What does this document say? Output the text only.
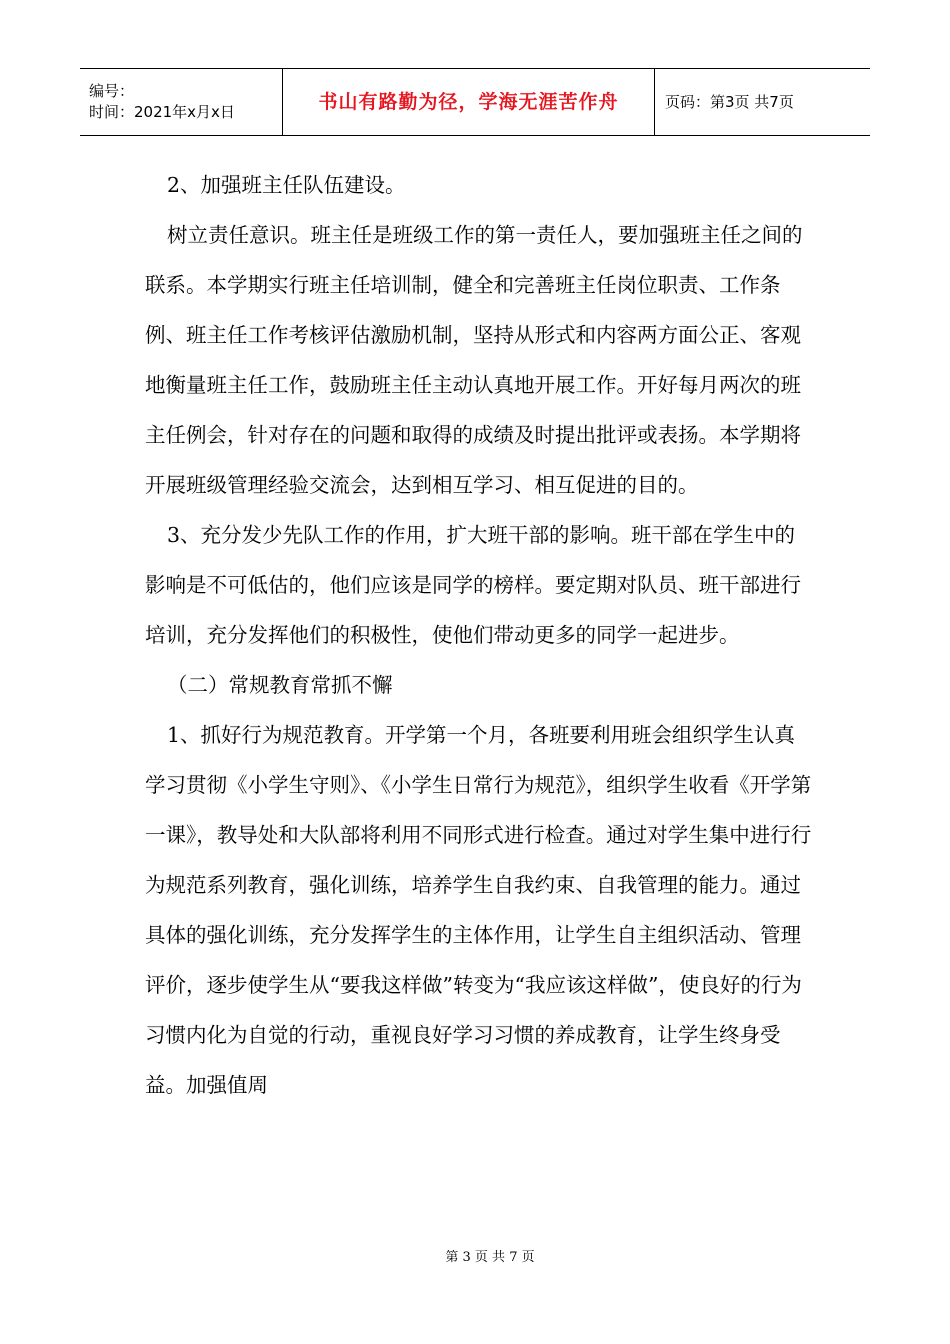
编号：
时间：2021年x月x日	书山有路勤为径，学海无涯苦作舟	页码：第3页 共7页

2、加强班主任队伍建设。

树立责任意识。班主任是班级工作的第一责任人，要加强班主任之间的联系。本学期实行班主任培训制，健全和完善班主任岗位职责、工作条例、班主任工作考核评估激励机制，坚持从形式和内容两方面公正、客观地衡量班主任工作，鼓励班主任主动认真地开展工作。开好每月两次的班主任例会，针对存在的问题和取得的成绩及时提出批评或表扬。本学期将开展班级管理经验交流会，达到相互学习、相互促进的目的。

3、充分发少先队工作的作用，扩大班干部的影响。班干部在学生中的影响是不可低估的，他们应该是同学的榜样。要定期对队员、班干部进行培训，充分发挥他们的积极性，使他们带动更多的同学一起进步。

（二）常规教育常抓不懈

1、抓好行为规范教育。开学第一个月，各班要利用班会组织学生认真学习贯彻《小学生守则》、《小学生日常行为规范》，组织学生收看《开学第一课》，教导处和大队部将利用不同形式进行检查。通过对学生集中进行行为规范系列教育，强化训练，培养学生自我约束、自我管理的能力。通过具体的强化训练，充分发挥学生的主体作用，让学生自主组织活动、管理评价，逐步使学生从“要我这样做”转变为“我应该这样做”，使良好的行为习惯内化为自觉的行动，重视良好学习习惯的养成教育，让学生终身受益。加强值周

第 3 页 共 7 页
